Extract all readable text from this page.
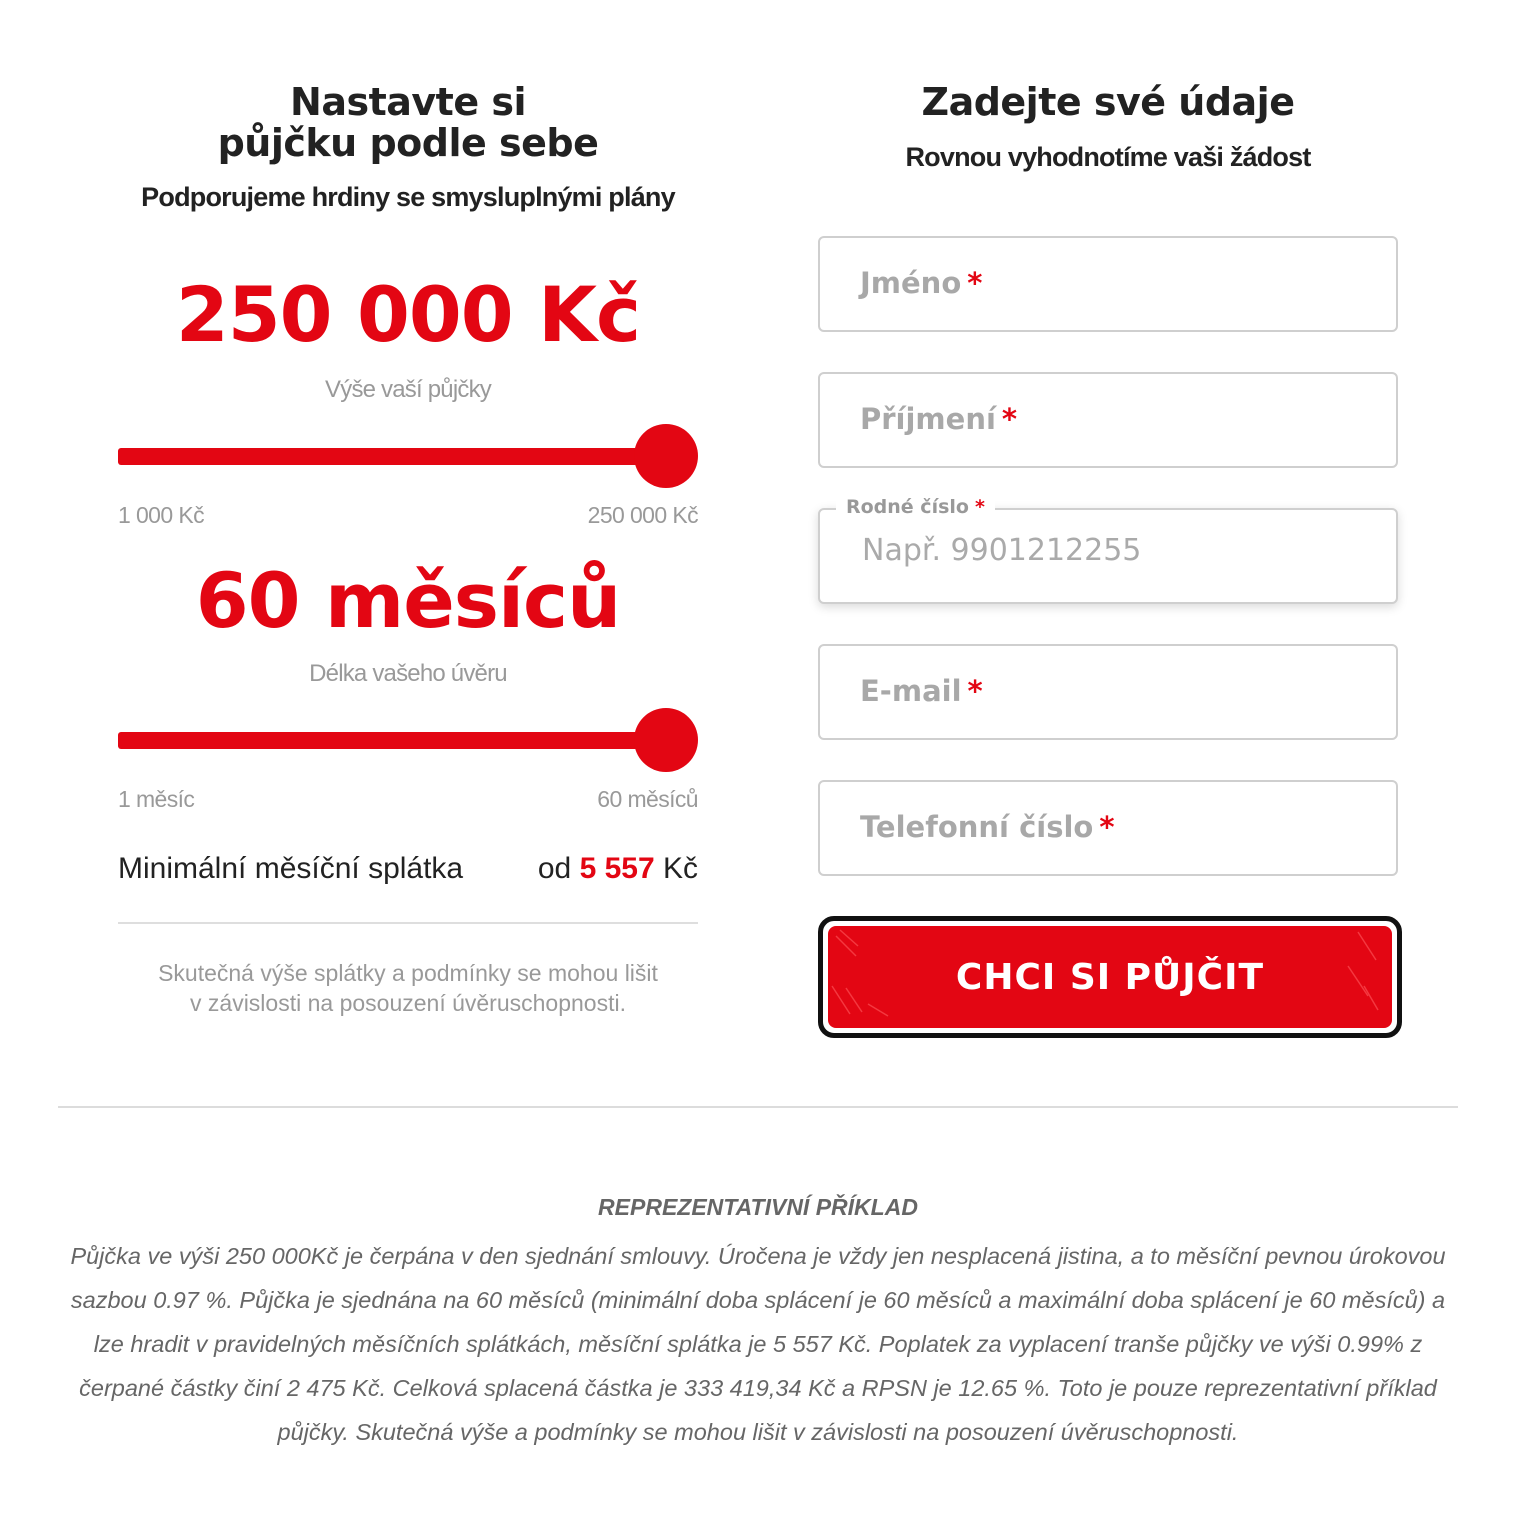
Nastavte si
půjčku podle sebe
Podporujeme hrdiny se smysluplnými plány
250 000 Kč
Výše vaší půjčky
1 000 Kč	250 000 Kč
60 měsíců
Délka vašeho úvěru
1 měsíc	60 měsíců
Minimální měsíční splátka od 5 557 Kč
Skutečná výše splátky a podmínky se mohou lišit
v závislosti na posouzení úvěruschopnosti.
Zadejte své údaje
Rovnou vyhodnotíme vaši žádost
Jméno *
Příjmení *
Rodné číslo *
Např. 9901212255
E-mail *
Telefonní číslo *
CHCI SI PŮJČIT
REPREZENTATIVNÍ PŘÍKLAD
Půjčka ve výši 250 000Kč je čerpána v den sjednání smlouvy. Úročena je vždy jen nesplacená jistina, a to měsíční pevnou úrokovou sazbou 0.97 %. Půjčka je sjednána na 60 měsíců (minimální doba splácení je 60 měsíců a maximální doba splácení je 60 měsíců) a lze hradit v pravidelných měsíčních splátkách, měsíční splátka je 5 557 Kč. Poplatek za vyplacení tranše půjčky ve výši 0.99% z čerpané částky činí 2 475 Kč. Celková splacená částka je 333 419,34 Kč a RPSN je 12.65 %. Toto je pouze reprezentativní příklad půjčky. Skutečná výše a podmínky se mohou lišit v závislosti na posouzení úvěruschopnosti.
